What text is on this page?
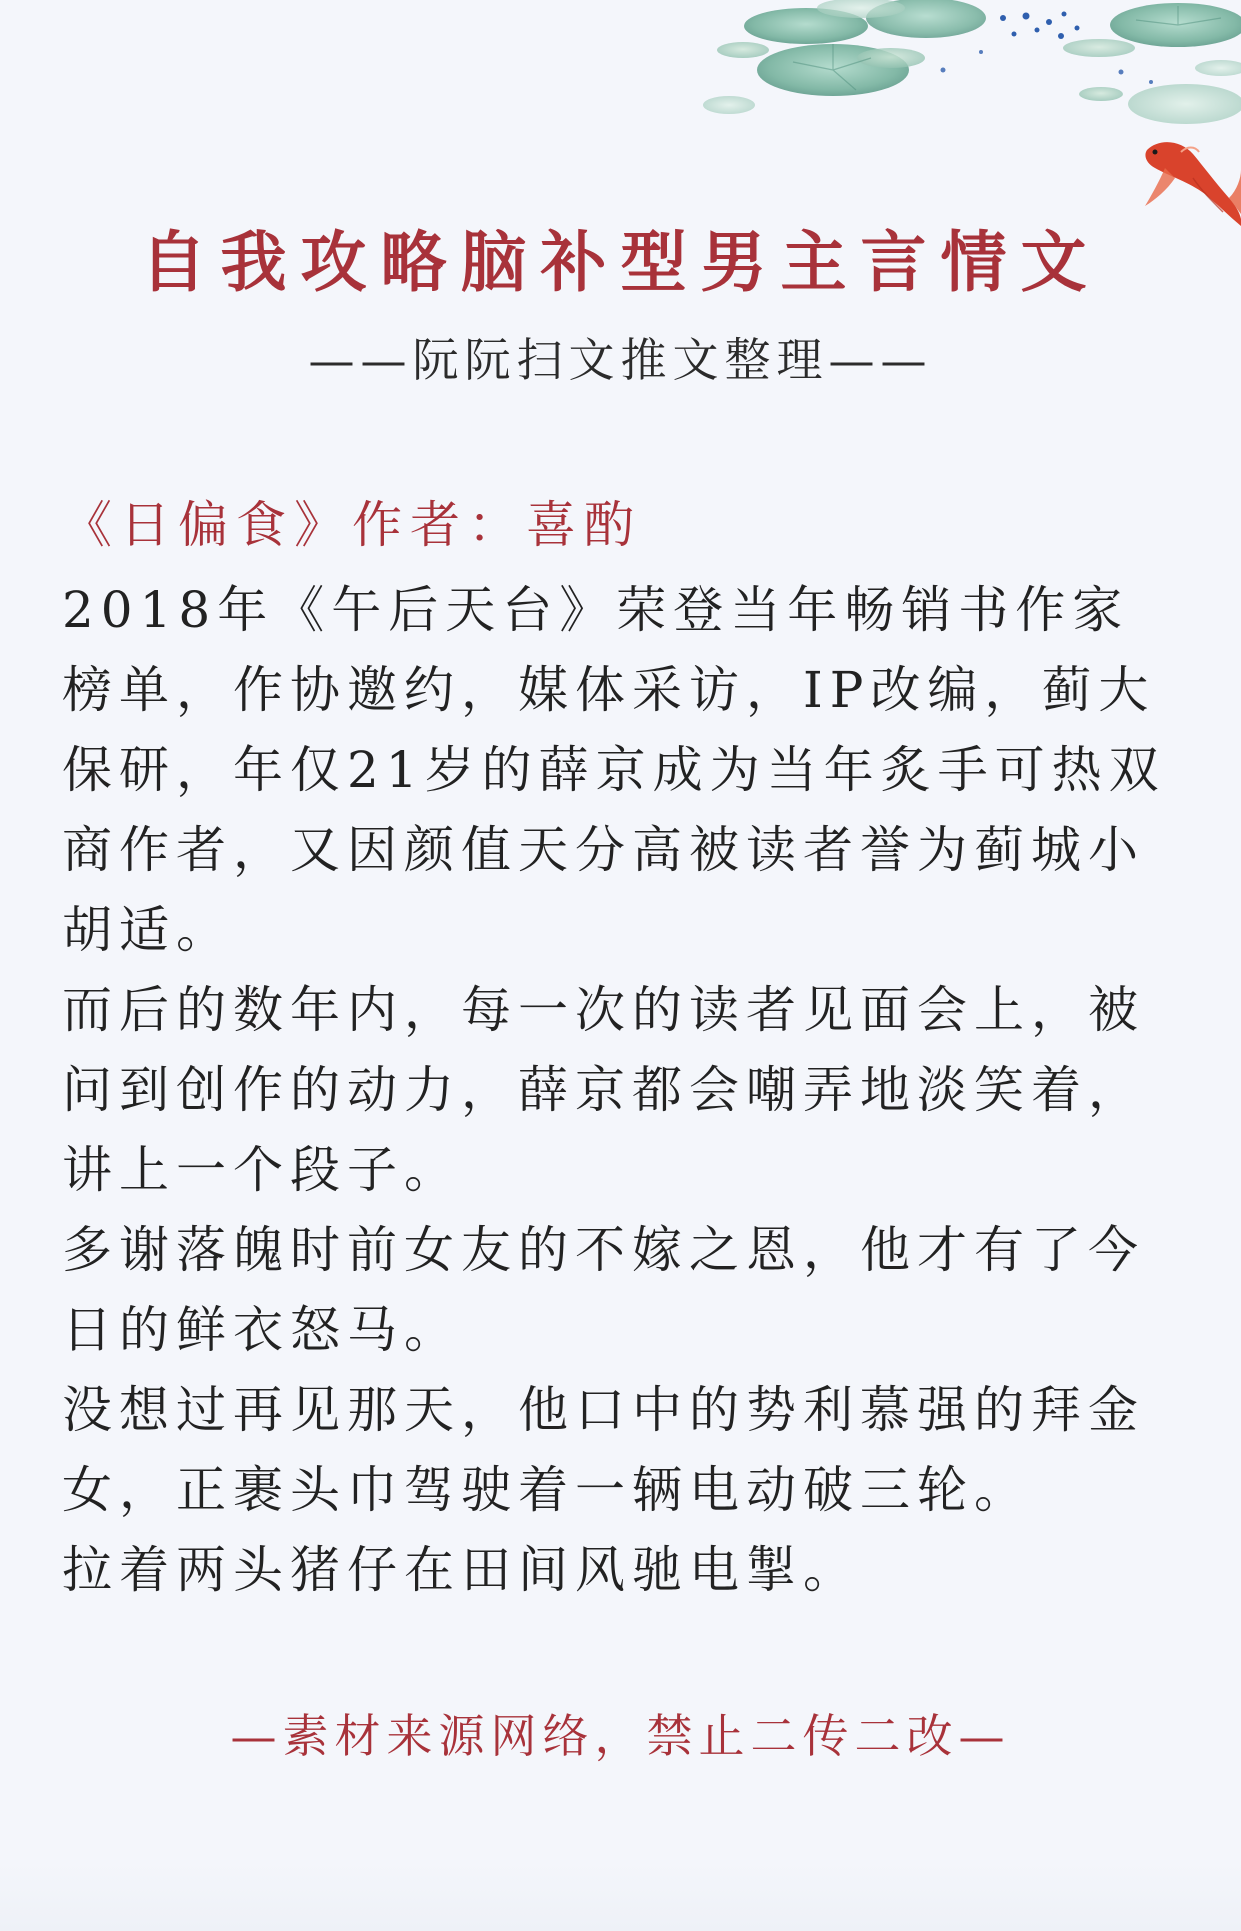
自我攻略脑补型男主言情文
——阮阮扫文推文整理——
《日偏食》作者：喜酌

2018年《午后天台》荣登当年畅销书作家榜单，作协邀约，媒体采访，IP改编，蓟大保研，年仅21岁的薛京成为当年炙手可热双商作者，又因颜值天分高被读者誉为蓟城小胡适。

而后的数年内，每一次的读者见面会上，被问到创作的动力，薛京都会嘲弄地淡笑着，讲上一个段子。

多谢落魄时前女友的不嫁之恩，他才有了今日的鲜衣怒马。

没想过再见那天，他口中的势利慕强的拜金女，正裹头巾驾驶着一辆电动破三轮。

拉着两头猪仔在田间风驰电掣。

—素材来源网络，禁止二传二改—
